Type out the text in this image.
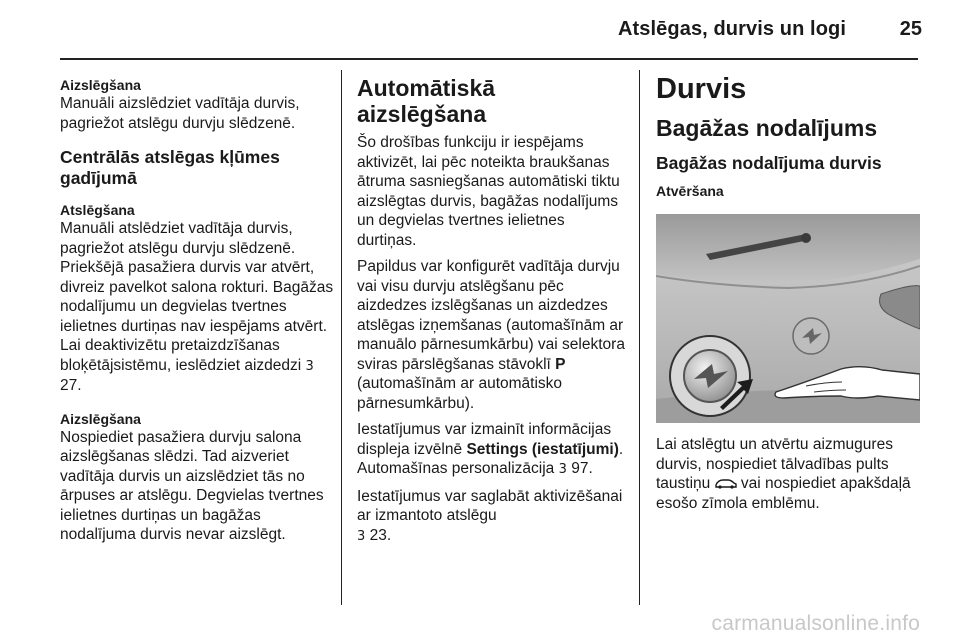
Atslēgas, durvis un logi	25
Aizslēgšana

Manuāli aizslēdziet vadītāja durvis, pagriežot atslēgu durvju slēdzenē.

Centrālās atslēgas kļūmes gadījumā
Atslēgšana

Manuāli atslēdziet vadītāja durvis, pagriežot atslēgu durvju slēdzenē. Priekšējā pasažiera durvis var atvērt, divreiz pavelkot salona rokturi. Bagāžas nodalījumu un degvielas tvertnes ielietnes durtiņas nav iespējams atvērt. Lai deaktivizētu pretaizdzīšanas bloķētājsistēmu, ieslēdziet aizdedzi 3 27.

Aizslēgšana

Nospiediet pasažiera durvju salona aizslēgšanas slēdzi. Tad aizveriet vadītāja durvis un aizslēdziet tās no ārpuses ar atslēgu. Degvielas tvertnes ielietnes durtiņas un bagāžas nodalījuma durvis nevar aizslēgt.

Automātiskā aizslēgšana

Šo drošības funkciju ir iespējams aktivizēt, lai pēc noteikta braukšanas ātruma sasniegšanas automātiski tiktu aizslēgtas durvis, bagāžas nodalījums un degvielas tvertnes ielietnes durtiņas.

Papildus var konfigurēt vadītāja durvju vai visu durvju atslēgšanu pēc aizdedzes izslēgšanas un aizdedzes atslēgas izņemšanas (automašīnām ar manuālo pārnesumkārbu) vai selektora sviras pārslēgšanas stāvoklī P (automašīnām ar automātisko pārnesumkārbu).

Iestatījumus var izmainīt informācijas displeja izvēlnē Settings (iestatījumi). Automašīnas personalizācija 3 97.

Iestatījumus var saglabāt aktivizēšanai ar izmantoto atslēgu
3 23.

Durvis
Bagāžas nodalījums
Bagāžas nodalījuma durvis
Atvēršana

Lai atslēgtu un atvērtu aizmugures durvis, nospiediet tālvadības pults taustiņu vai nospiediet apakšdaļā esošo zīmola emblēmu.

carmanualsonline.info
